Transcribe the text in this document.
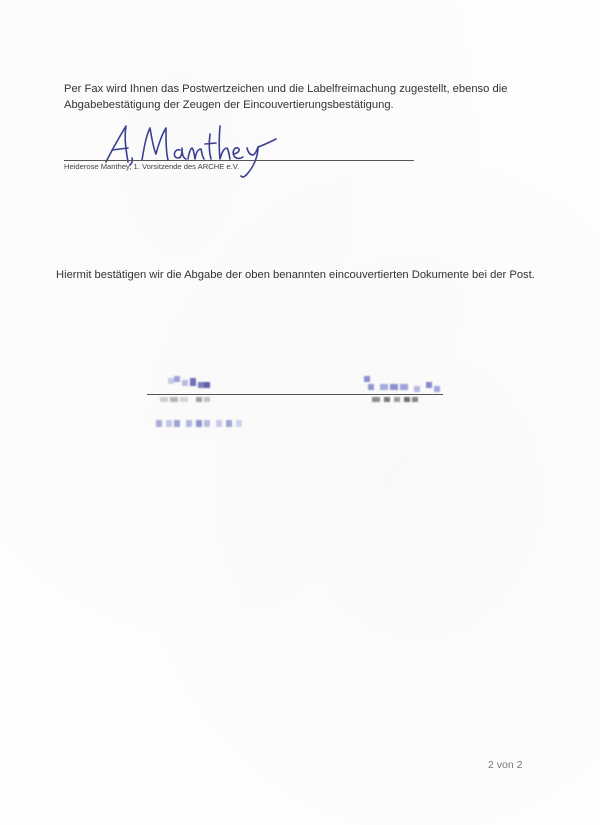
Per Fax wird Ihnen das Postwertzeichen und die Labelfreimachung zugestellt, ebenso die Abgabebestätigung der Zeugen der Eincouvertierungsbestätigung.

Heiderose Manthey, 1. Vorsitzende des ARCHE e.V.

Hiermit bestätigen wir die Abgabe der oben benannten eincouvertierten Dokumente bei der Post.

2 von 2
